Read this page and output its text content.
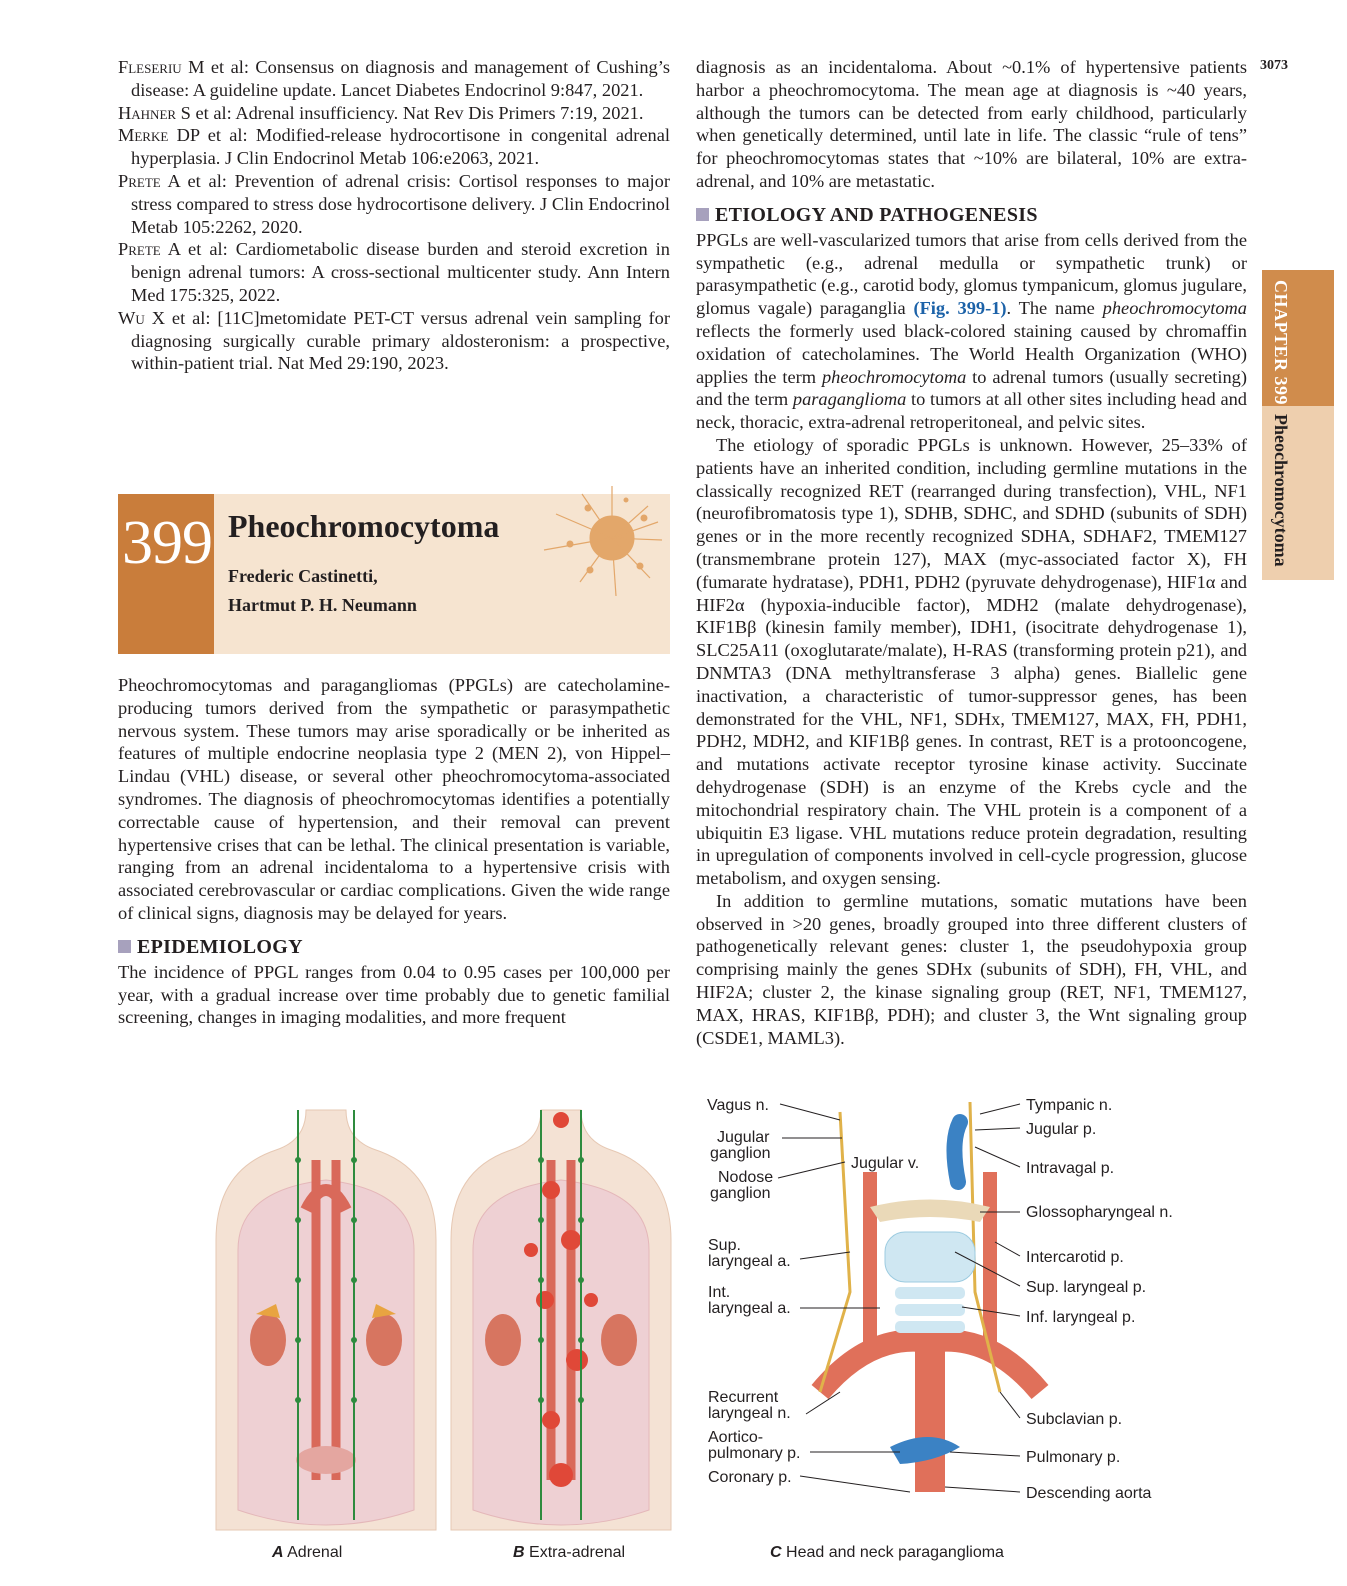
3073
CHAPTER 399
Pheochromocytoma

Fleseriu M et al: Consensus on diagnosis and management of Cushing’s disease: A guideline update. Lancet Diabetes Endocrinol 9:847, 2021.

Hahner S et al: Adrenal insufficiency. Nat Rev Dis Primers 7:19, 2021.

Merke DP et al: Modified-release hydrocortisone in congenital adrenal hyperplasia. J Clin Endocrinol Metab 106:e2063, 2021.

Prete A et al: Prevention of adrenal crisis: Cortisol responses to major stress compared to stress dose hydrocortisone delivery. J Clin Endocrinol Metab 105:2262, 2020.

Prete A et al: Cardiometabolic disease burden and steroid excretion in benign adrenal tumors: A cross-sectional multicenter study. Ann Intern Med 175:325, 2022.

Wu X et al: [11C]metomidate PET-CT versus adrenal vein sampling for diagnosing surgically curable primary aldosteronism: a prospective, within-patient trial. Nat Med 29:190, 2023.

399 Pheochromocytoma
Frederic Castinetti,
Hartmut P. H. Neumann

Pheochromocytomas and paragangliomas (PPGLs) are catecholamine-producing tumors derived from the sympathetic or parasympathetic nervous system. These tumors may arise sporadically or be inherited as features of multiple endocrine neoplasia type 2 (MEN 2), von Hippel–Lindau (VHL) disease, or several other pheochromocytoma-associated syndromes. The diagnosis of pheochromocytomas identifies a potentially correctable cause of hypertension, and their removal can prevent hypertensive crises that can be lethal. The clinical presentation is variable, ranging from an adrenal incidentaloma to a hypertensive crisis with associated cerebrovascular or cardiac complications. Given the wide range of clinical signs, diagnosis may be delayed for years.

EPIDEMIOLOGY

The incidence of PPGL ranges from 0.04 to 0.95 cases per 100,000 per year, with a gradual increase over time probably due to genetic familial screening, changes in imaging modalities, and more frequent

diagnosis as an incidentaloma. About ~0.1% of hypertensive patients harbor a pheochromocytoma. The mean age at diagnosis is ~40 years, although the tumors can be detected from early childhood, particularly when genetically determined, until late in life. The classic “rule of tens” for pheochromocytomas states that ~10% are bilateral, 10% are extra-adrenal, and 10% are metastatic.

ETIOLOGY AND PATHOGENESIS

PPGLs are well-vascularized tumors that arise from cells derived from the sympathetic (e.g., adrenal medulla or sympathetic trunk) or parasympathetic (e.g., carotid body, glomus tympanicum, glomus jugulare, glomus vagale) paraganglia (Fig. 399-1). The name pheochromocytoma reflects the formerly used black-colored staining caused by chromaffin oxidation of catecholamines. The World Health Organization (WHO) applies the term pheochromocytoma to adrenal tumors (usually secreting) and the term paraganglioma to tumors at all other sites including head and neck, thoracic, extra-adrenal retroperitoneal, and pelvic sites.

The etiology of sporadic PPGLs is unknown. However, 25–33% of patients have an inherited condition, including germline mutations in the classically recognized RET (rearranged during transfection), VHL, NF1 (neurofibromatosis type 1), SDHB, SDHC, and SDHD (subunits of SDH) genes or in the more recently recognized SDHA, SDHAF2, TMEM127 (transmembrane protein 127), MAX (myc-associated factor X), FH (fumarate hydratase), PDH1, PDH2 (pyruvate dehydrogenase), HIF1α and HIF2α (hypoxia-inducible factor), MDH2 (malate dehydrogenase), KIF1Bβ (kinesin family member), IDH1, (isocitrate dehydrogenase 1), SLC25A11 (oxoglutarate/malate), H-RAS (transforming protein p21), and DNMTA3 (DNA methyltransferase 3 alpha) genes. Biallelic gene inactivation, a characteristic of tumor-suppressor genes, has been demonstrated for the VHL, NF1, SDHx, TMEM127, MAX, FH, PDH1, PDH2, MDH2, and KIF1Bβ genes. In contrast, RET is a protooncogene, and mutations activate receptor tyrosine kinase activity. Succinate dehydrogenase (SDH) is an enzyme of the Krebs cycle and the mitochondrial respiratory chain. The VHL protein is a component of a ubiquitin E3 ligase. VHL mutations reduce protein degradation, resulting in upregulation of components involved in cell-cycle progression, glucose metabolism, and oxygen sensing.

In addition to germline mutations, somatic mutations have been observed in >20 genes, broadly grouped into three different clusters of pathogenetically relevant genes: cluster 1, the pseudohypoxia group comprising mainly the genes SDHx (subunits of SDH), FH, VHL, and HIF2A; cluster 2, the kinase signaling group (RET, NF1, TMEM127, MAX, HRAS, KIF1Bβ, PDH); and cluster 3, the Wnt signaling group (CSDE1, MAML3).

Vagus n.
Jugular
ganglion
Nodose
ganglion
Sup.
laryngeal a.
Int.
laryngeal a.
Recurrent
laryngeal n.
Aortico-
pulmonary p.
Coronary p.
Jugular v.
Tympanic n.
Jugular p.
Intravagal p.
Glossopharyngeal n.
Intercarotid p.
Sup. laryngeal p.
Inf. laryngeal p.
Subclavian p.
Pulmonary p.
Descending aorta
A Adrenal	B Extra-adrenal	C Head and neck paraganglioma
